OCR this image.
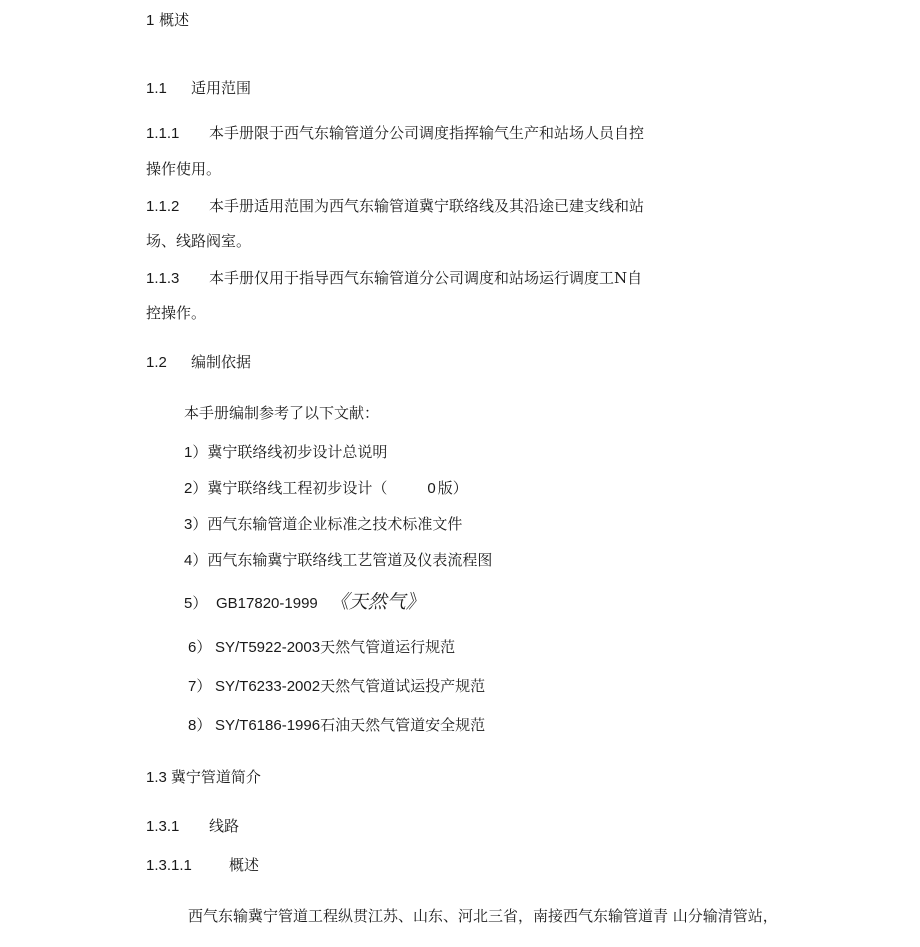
1 概述
1.1 适用范围
1.1.1 本手册限于西气东输管道分公司调度指挥输气生产和站场人员自控
操作使用。
1.1.2 本手册适用范围为西气东输管道冀宁联络线及其沿途已建支线和站
场、线路阀室。
1.1.3 本手册仅用于指导西气东输管道分公司调度和站场运行调度工N自
控操作。
1.2 编制依据
本手册编制参考了以下文献：
1）冀宁联络线初步设计总说明
2）冀宁联络线工程初步设计（	0 版）
3）西气东输管道企业标准之技术标准文件
4）西气东输冀宁联络线工艺管道及仪表流程图
5） GB17820-1999 《天然气》
6） SY/T5922-2003天然气管道运行规范
7） SY/T6233-2002天然气管道试运投产规范
8） SY/T6186-1996石油天然气管道安全规范
1.3 冀宁管道简介
1.3.1 线路
1.3.1.1 概述
西气东输冀宁管道工程纵贯江苏、山东、河北三省，南接西气东输管道青 山分输清管站，
